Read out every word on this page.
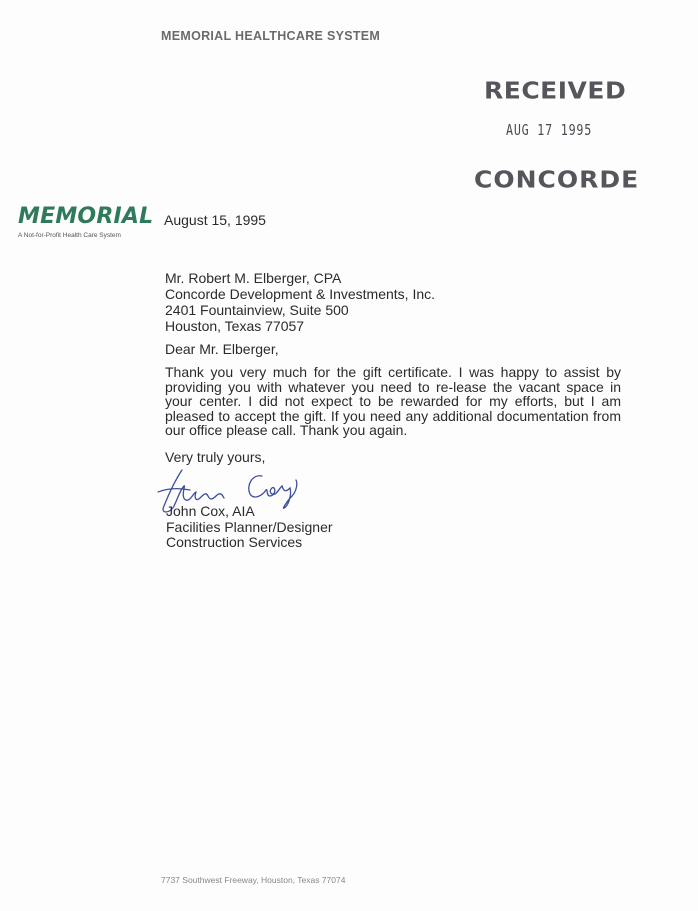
MEMORIAL HEALTHCARE SYSTEM
RECEIVED
AUG 17 1995
CONCORDE
MEMORIAL
A Not-for-Profit Health Care System
August 15, 1995
Mr. Robert M. Elberger, CPA
Concorde Development & Investments, Inc.
2401 Fountainview, Suite 500
Houston, Texas 77057
Dear Mr. Elberger,
Thank you very much for the gift certificate. I was happy to assist by providing you with whatever you need to re-lease the vacant space in your center. I did not expect to be rewarded for my efforts, but I am pleased to accept the gift. If you need any additional documentation from our office please call. Thank you again.
Very truly yours,
John Cox, AIA
Facilities Planner/Designer
Construction Services
7737 Southwest Freeway, Houston, Texas 77074
